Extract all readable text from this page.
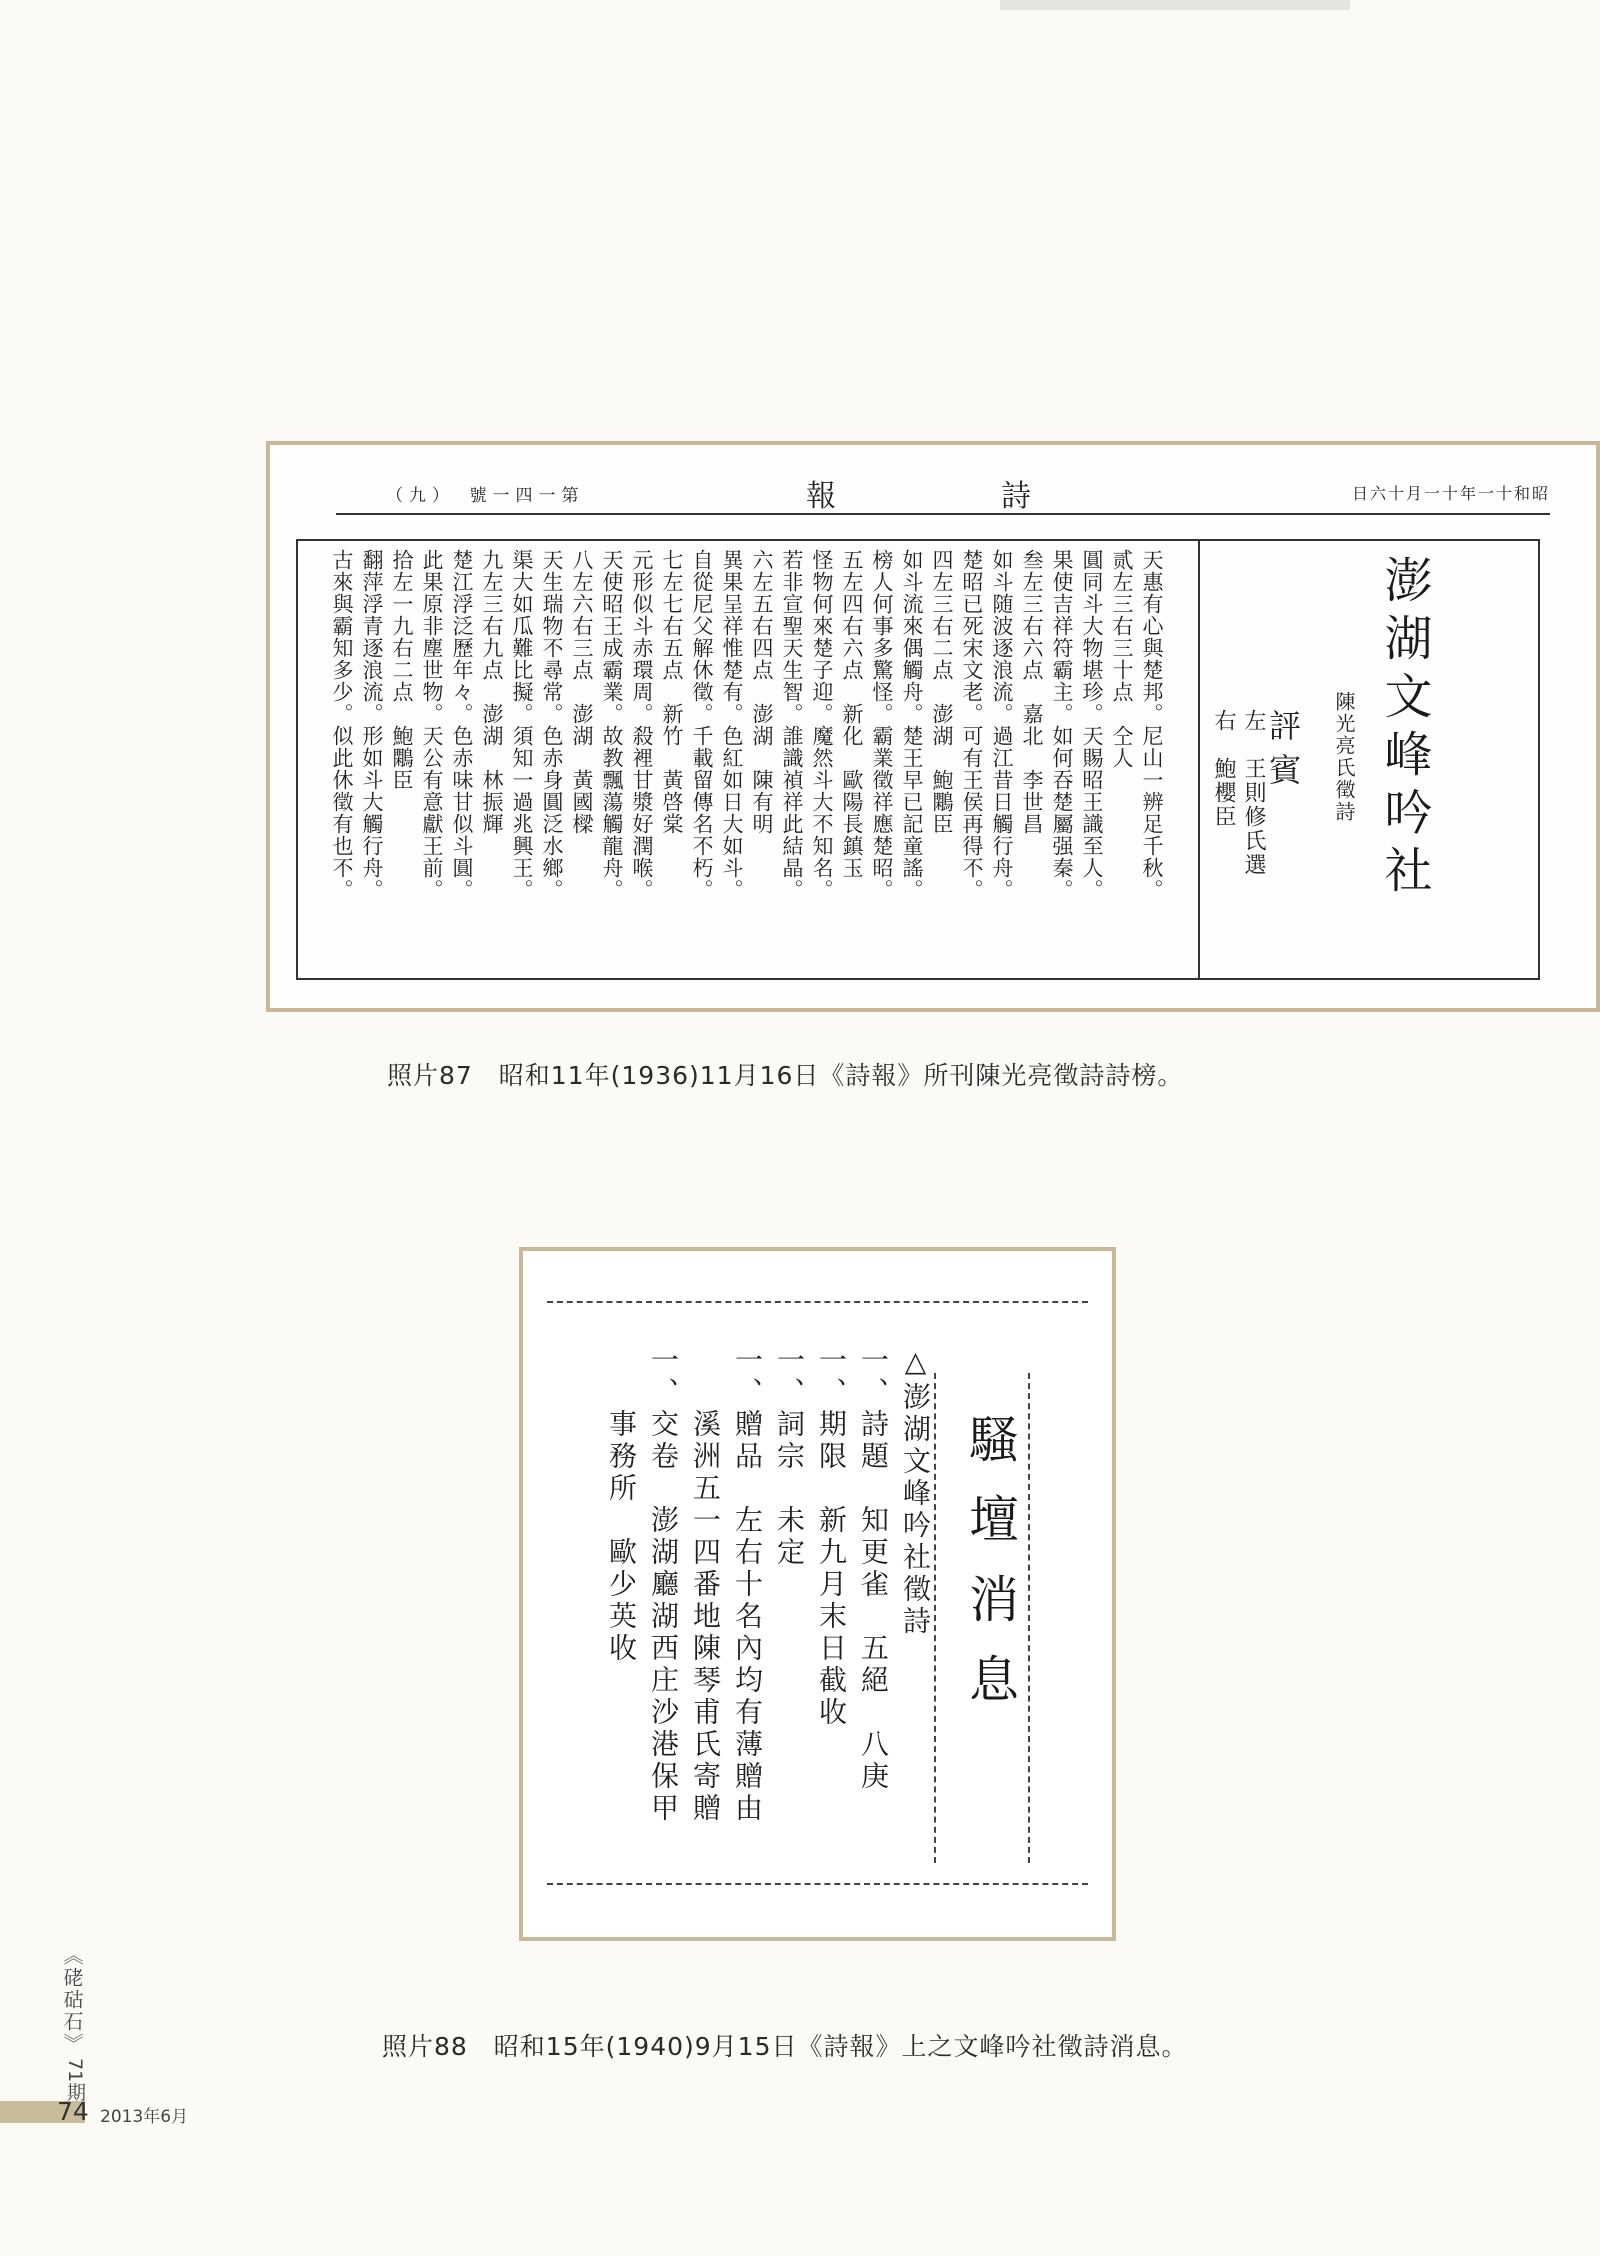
（九）　號一四一第	報	詩	日六十月一十年一十和昭
天惠有心與楚邦。尼山一辨足千秋。
贰左三右三十点　仝人
圓同斗大物堪珍。天賜昭王識至人。
果使吉祥符霸主。如何吞楚屬强秦。
叁左三右六点　嘉北　李世昌
如斗随波逐浪流。過江昔日觸行舟。
楚昭已死宋文老。可有王侯再得不。
四左三右二点　澎湖　鮑鷴臣
如斗流來偶觸舟。楚王早已記童謠。
榜人何事多驚怪。霸業徵祥應楚昭。
五左四右六点　新化　歐陽長鎮玉
怪物何來楚子迎。魔然斗大不知名。
若非宣聖天生智。誰識禎祥此結晶。
六左五右四点　澎湖　陳有明
異果呈祥惟楚有。色紅如日大如斗。
自從尼父解休徵。千載留傳名不朽。
七左七右五点　新竹　黃啓棠
元形似斗赤環周。殺裡甘漿好潤喉。
天使昭王成霸業。故教飄蕩觸龍舟。
八左六右三点　澎湖　黃國樑
天生瑞物不尋常。色赤身圓泛水鄉。
渠大如瓜難比擬。須知一過兆興王。
九左三右九点　澎湖　林振輝
楚江浮泛歷年々。色赤味甘似斗圓。
此果原非塵世物。天公有意獻王前。
拾左一九右二点　鮑鷴臣
翻萍浮青逐浪流。形如斗大觸行舟。
古來與霸知多少。似此休徵有也不。	澎湖文峰吟社
陳光亮氏徵詩
評賓
左　王則修氏選
右　鮑櫻臣
照片87　昭和11年(1936)11月16日《詩報》所刊陳光亮徵詩詩榜。
騷壇消息
△澎湖文峰吟社徵詩
一、詩題　知更雀　五絕　八庚
一、期限　新九月末日截收
一、詞宗　未定
一、贈品　左右十名內均有薄贈由
　　溪洲五一四番地陳琴甫氏寄贈
一、交卷　澎湖廳湖西庄沙港保甲
　　事務所　歐少英收
照片88　昭和15年(1940)9月15日《詩報》上之文峰吟社徵詩消息。
《硓𥑮石》
71期
74 2013年6月
